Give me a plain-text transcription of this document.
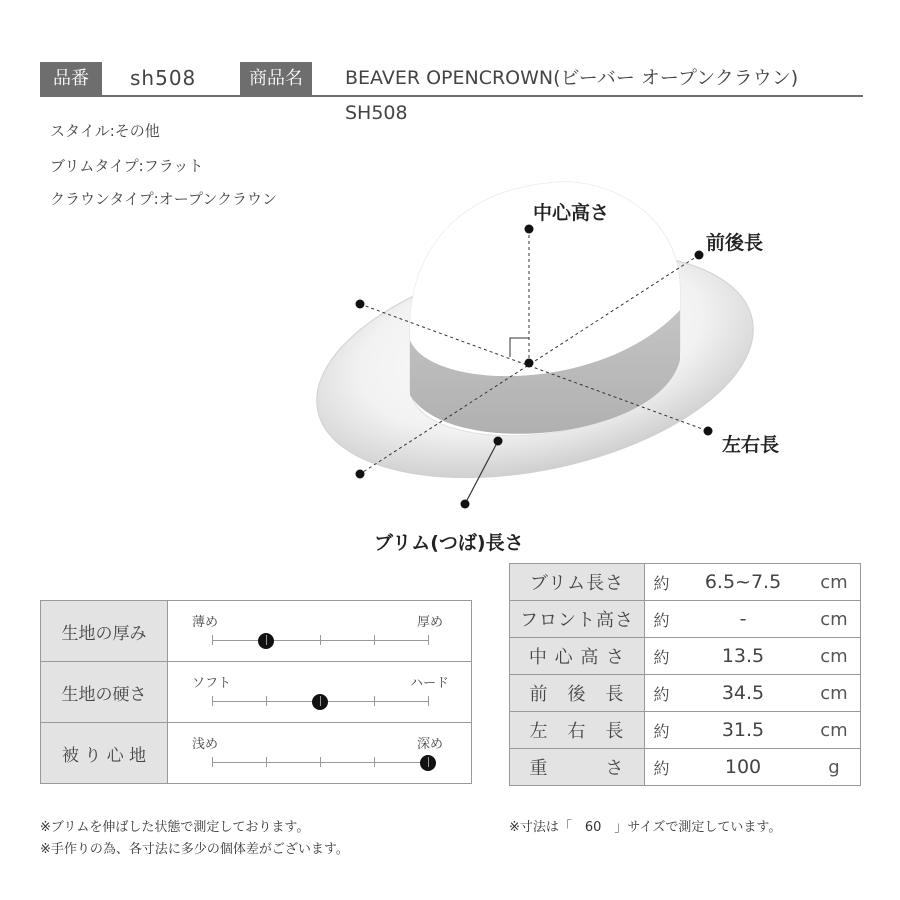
品番	sh508	商品名	BEAVER OPENCROWN(ビーバー オープンクラウン)
SH508
スタイル:その他
ブリムタイプ:フラット
クラウンタイプ:オープンクラウン
中心高さ
前後長
左右長
ブリム(つば)長さ
生地の厚み	薄め 厚め

生地の硬さ	ソフト ハード

被 り 心 地	浅め 深め
ブリム長さ	約	6.5~7.5	cm
フロント高さ	約	-	cm
中 心 高 さ	約	13.5	cm
前　後　長	約	34.5	cm
左　右　長	約	31.5	cm
重　　　さ	約	100	g
※ブリムを伸ばした状態で測定しております。
※手作りの為、各寸法に多少の個体差がございます。
※寸法は「　60　」サイズで測定しています。
